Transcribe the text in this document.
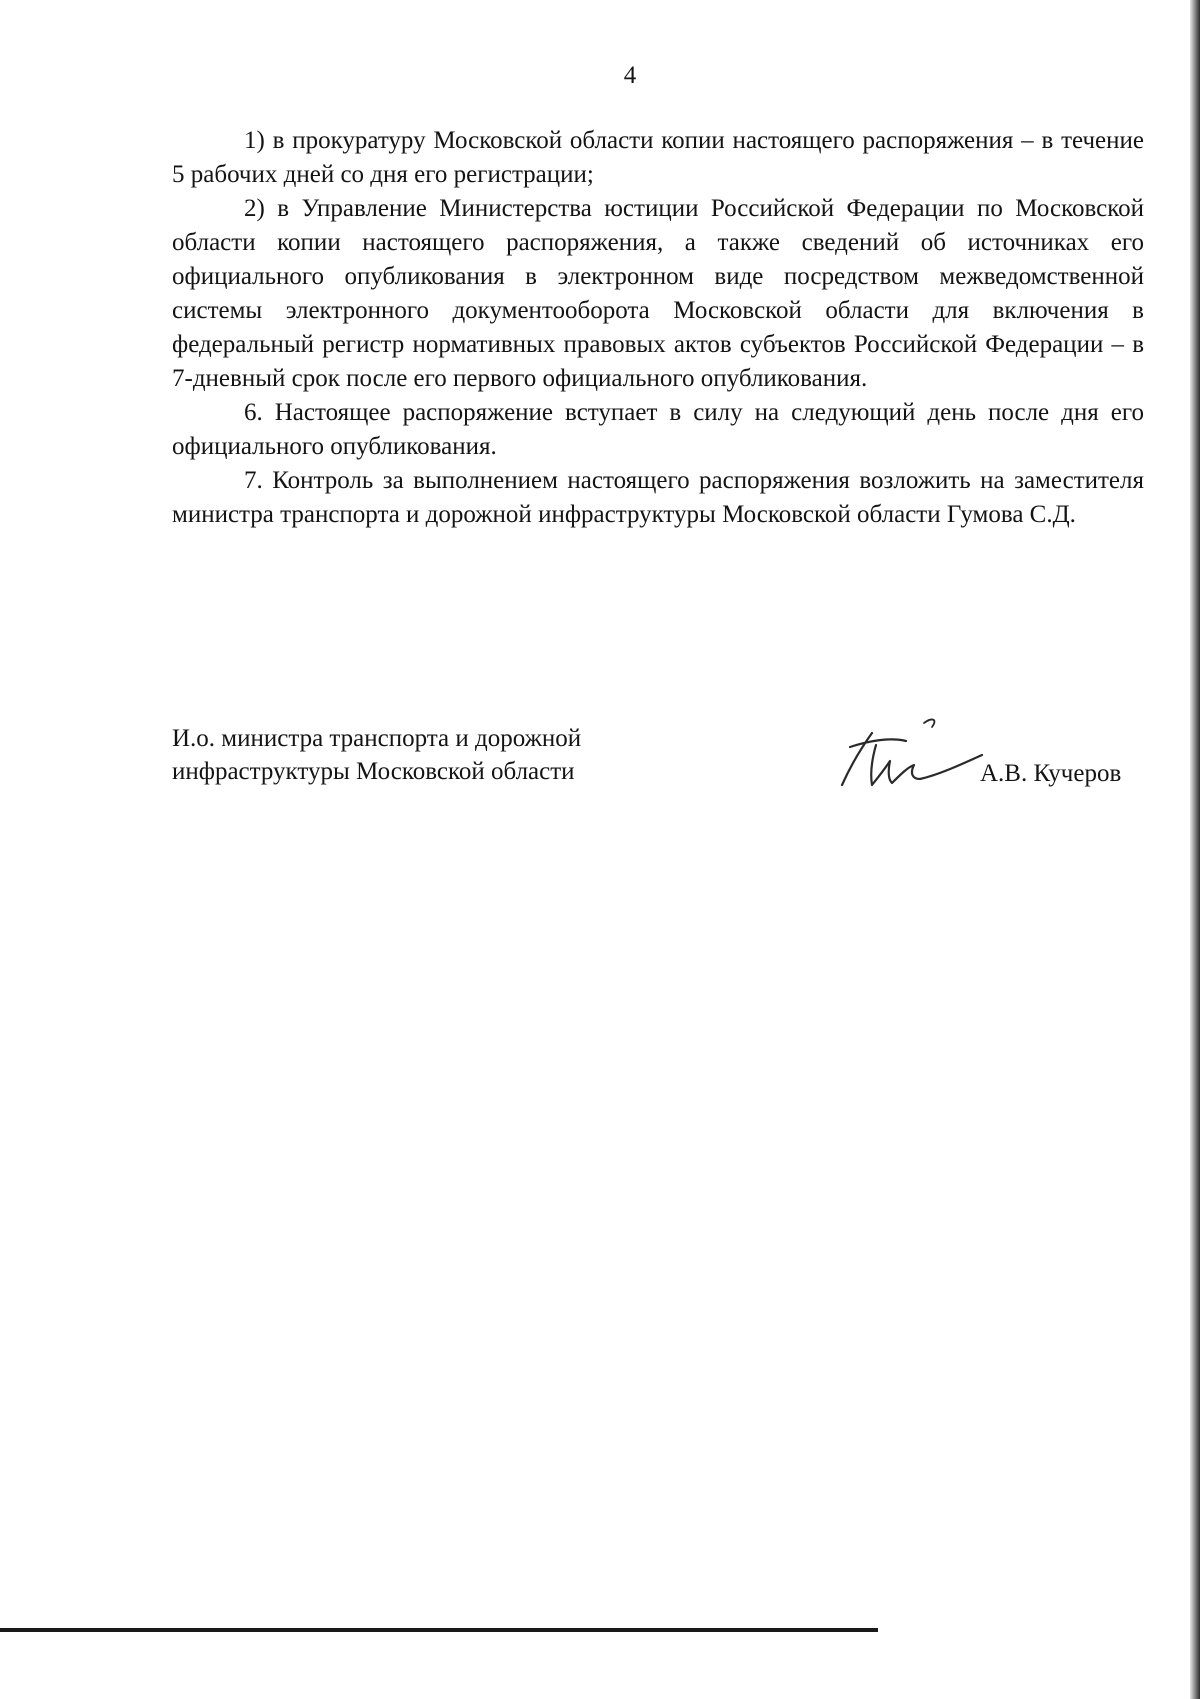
4

1) в прокуратуру Московской области копии настоящего распоряжения – в течение 5 рабочих дней со дня его регистрации;

2) в Управление Министерства юстиции Российской Федерации по Московской области копии настоящего распоряжения, а также сведений об источниках его официального опубликования в электронном виде посредством межведомственной системы электронного документооборота Московской области для включения в федеральный регистр нормативных правовых актов субъектов Российской Федерации – в 7-дневный срок после его первого официального опубликования.

6. Настоящее распоряжение вступает в силу на следующий день после дня его официального опубликования.

7. Контроль за выполнением настоящего распоряжения возложить на заместителя министра транспорта и дорожной инфраструктуры Московской области Гумова С.Д.

И.о. министра транспорта и дорожной
инфраструктуры Московской области	А.В. Кучеров
